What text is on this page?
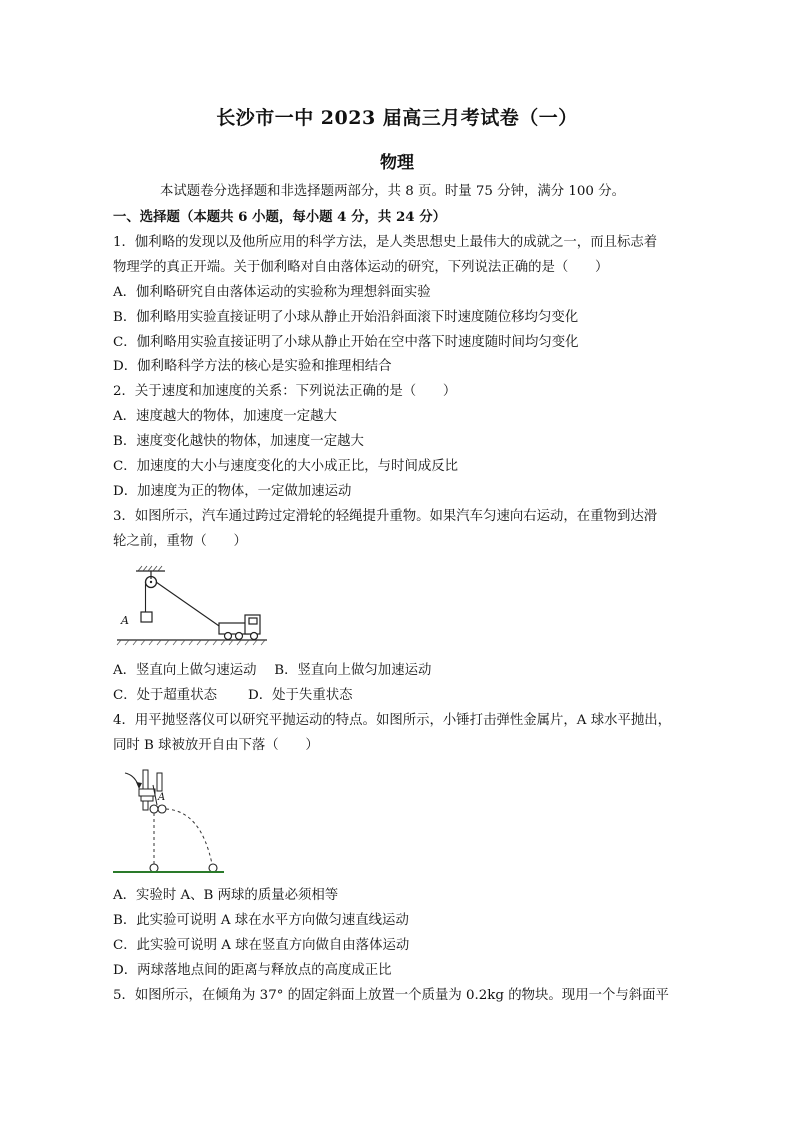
长沙市一中 2023 届高三月考试卷（一）
物理
本试题卷分选择题和非选择题两部分，共 8 页。时量 75 分钟，满分 100 分。
一、选择题（本题共 6 小题，每小题 4 分，共 24 分）
1．伽利略的发现以及他所应用的科学方法，是人类思想史上最伟大的成就之一，而且标志着
物理学的真正开端。关于伽利略对自由落体运动的研究，下列说法正确的是（　　）
A．伽利略研究自由落体运动的实验称为理想斜面实验
B．伽利略用实验直接证明了小球从静止开始沿斜面滚下时速度随位移均匀变化
C．伽利略用实验直接证明了小球从静止开始在空中落下时速度随时间均匀变化
D．伽利略科学方法的核心是实验和推理相结合
2．关于速度和加速度的关系：下列说法正确的是（　　）
A．速度越大的物体，加速度一定越大
B．速度变化越快的物体，加速度一定越大
C．加速度的大小与速度变化的大小成正比，与时间成反比
D．加速度为正的物体，一定做加速运动
3．如图所示，汽车通过跨过定滑轮的轻绳提升重物。如果汽车匀速向右运动，在重物到达滑
轮之前，重物（　　）
A
A．竖直向上做匀速运动　 B．竖直向上做匀加速运动
C．处于超重状态　　 D．处于失重状态
4．用平抛竖落仪可以研究平抛运动的特点。如图所示，小锤打击弹性金属片，A 球水平抛出，
同时 B 球被放开自由下落（　　）
A
A．实验时 A、B 两球的质量必须相等
B．此实验可说明 A 球在水平方向做匀速直线运动
C．此实验可说明 A 球在竖直方向做自由落体运动
D．两球落地点间的距离与释放点的高度成正比
5．如图所示，在倾角为 37° 的固定斜面上放置一个质量为 0.2kg 的物块。现用一个与斜面平
